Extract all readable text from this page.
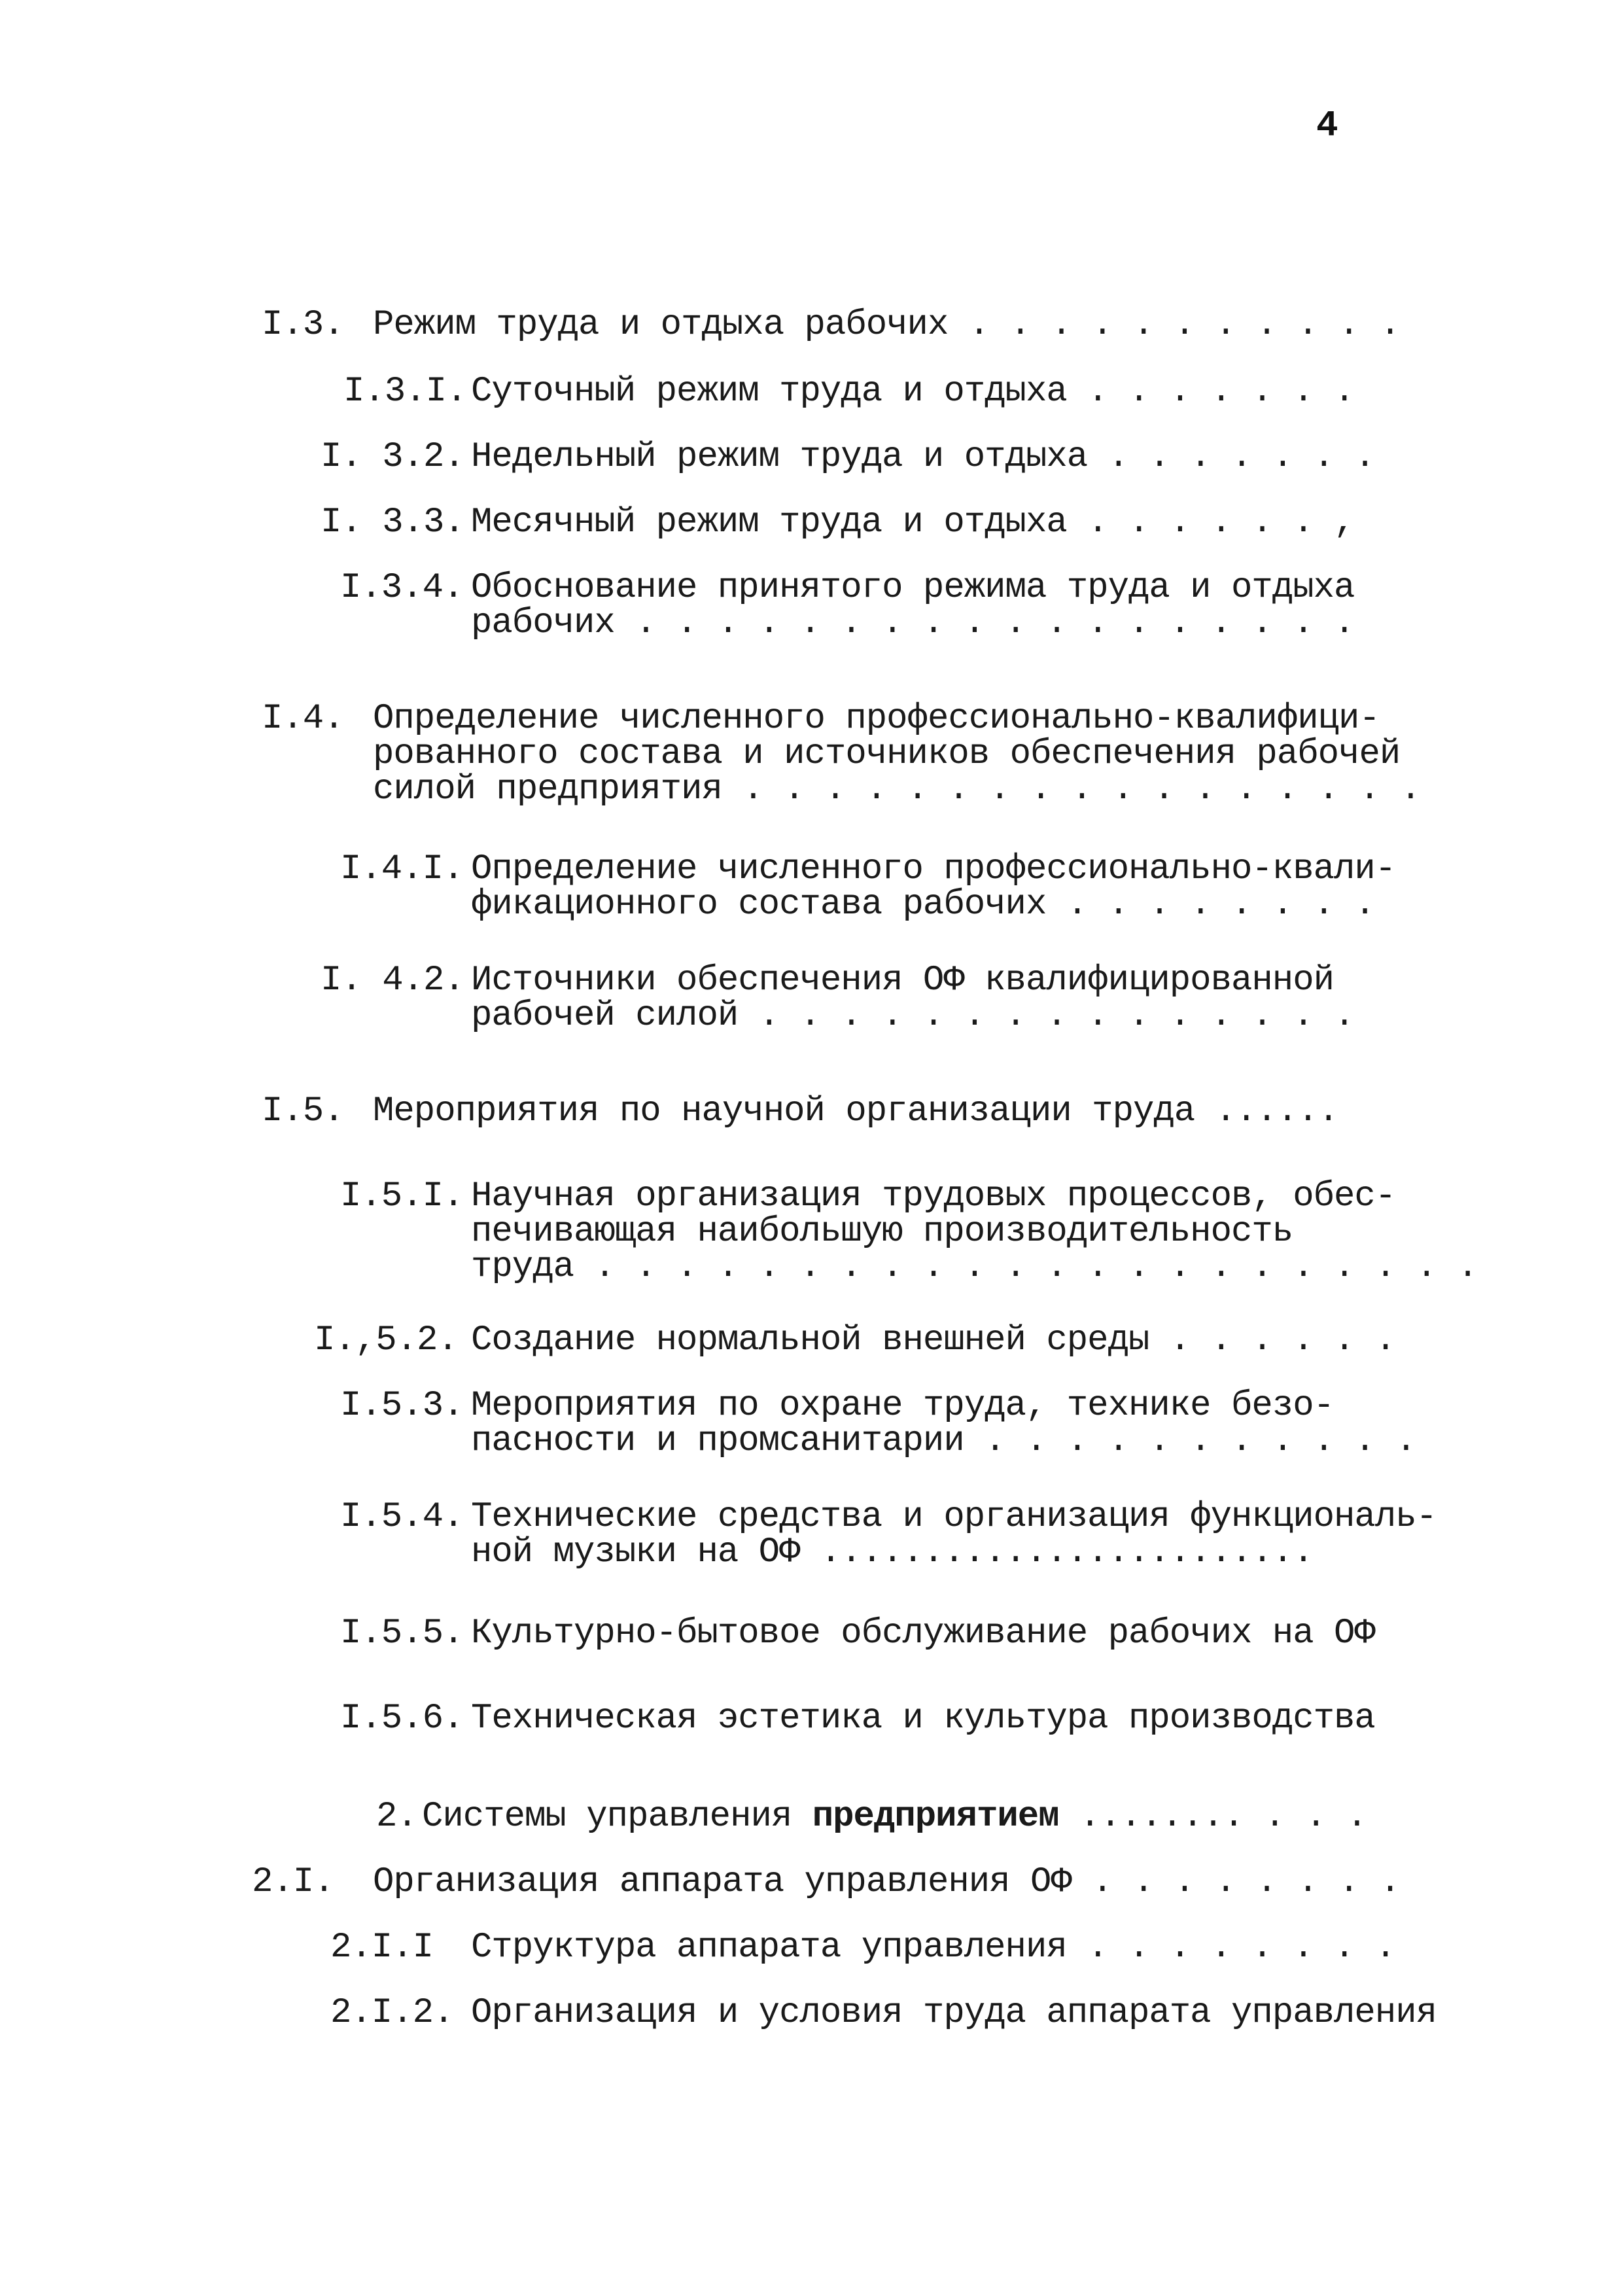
4
I.3. Режим труда и отдыха рабочих . . . . . . . . . . .
I.3.I. Суточный режим труда и отдыха . . . . . . .
I. 3.2. Недельный режим труда и отдыха . . . . . . .
I. 3.3. Месячный режим труда и отдыха . . . . . . ,
I.3.4. Обоснование принятого режима труда и отдыха
рабочих . . . . . . . . . . . . . . . . . .
I.4. Определение численного профессионально-квалифици-
рованного состава и источников обеспечения рабочей
силой предприятия . . . . . . . . . . . . . . . . .
I.4.I. Определение численного профессионально-квали-
фикационного состава рабочих . . . . . . . .
I. 4.2. Источники обеспечения ОФ квалифицированной
рабочей силой . . . . . . . . . . . . . . .
I.5. Мероприятия по научной организации труда ......
I.5.I. Научная организация трудовых процессов, обес-
печивающая наибольшую производительность
труда . . . . . . . . . . . . . . . . . . . . . .
I.,5.2. Создание нормальной внешней среды . . . . . .
I.5.3. Мероприятия по охране труда, технике безо-
пасности и промсанитарии . . . . . . . . . . .
I.5.4. Технические средства и организация функциональ-
ной музыки на ОФ ........................
I.5.5. Культурно-бытовое обслуживание рабочих на ОФ
I.5.6. Техническая эстетика и культура производства
2. Системы управления предприятием ........ . . .
2.I. Организация аппарата управления ОФ . . . . . . . .
2.I.I Структура аппарата управления . . . . . . . .
2.I.2. Организация и условия труда аппарата управления
